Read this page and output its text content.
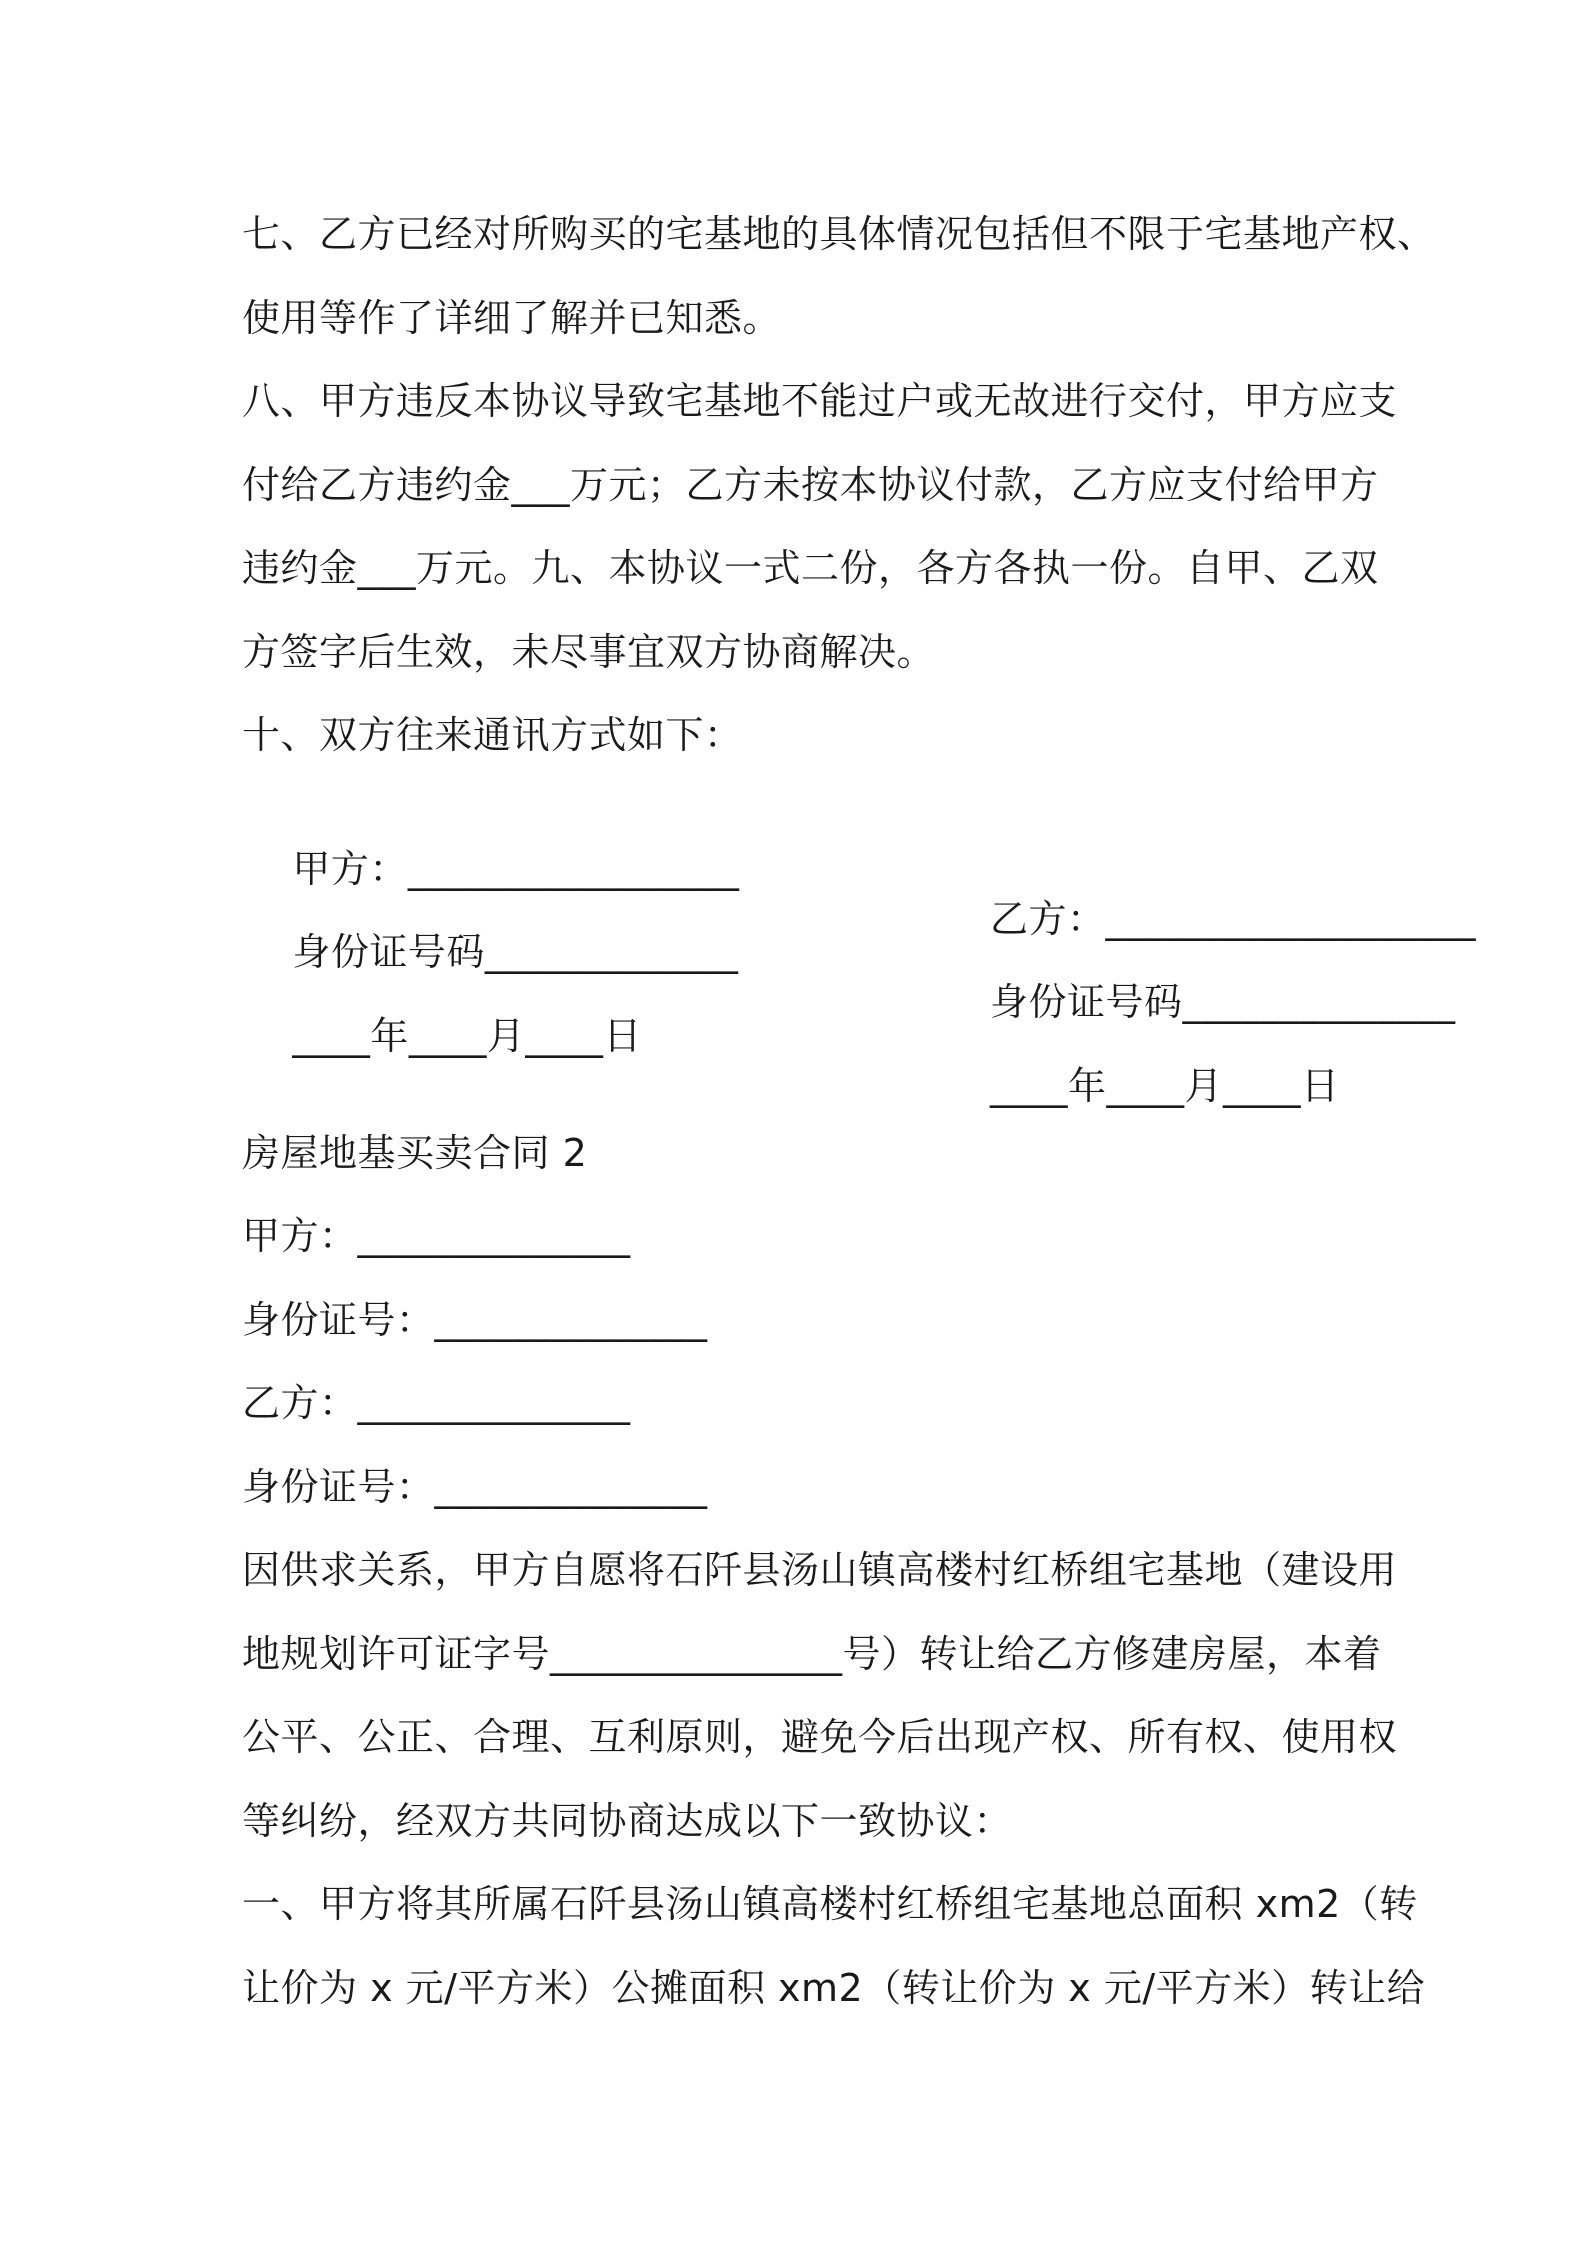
七、乙方已经对所购买的宅基地的具体情况包括但不限于宅基地产权、
使用等作了详细了解并已知悉。
八、甲方违反本协议导致宅基地不能过户或无故进行交付，甲方应支
付给乙方违约金___万元；乙方未按本协议付款，乙方应支付给甲方
违约金___万元。九、本协议一式二份，各方各执一份。自甲、乙双
方签字后生效，未尽事宜双方协商解决。
十、双方往来通讯方式如下：

甲方：_________________

乙方：___________________

身份证号码_____________

身份证号码______________

____年____月____日

____年____月____日

房屋地基买卖合同 2
甲方：______________
身份证号：______________
乙方：______________
身份证号：______________
因供求关系，甲方自愿将石阡县汤山镇高楼村红桥组宅基地（建设用
地规划许可证字号_______________号）转让给乙方修建房屋，本着
公平、公正、合理、互利原则，避免今后出现产权、所有权、使用权
等纠纷，经双方共同协商达成以下一致协议：
一、甲方将其所属石阡县汤山镇高楼村红桥组宅基地总面积 xm2（转
让价为 x 元/平方米）公摊面积 xm2（转让价为 x 元/平方米）转让给
